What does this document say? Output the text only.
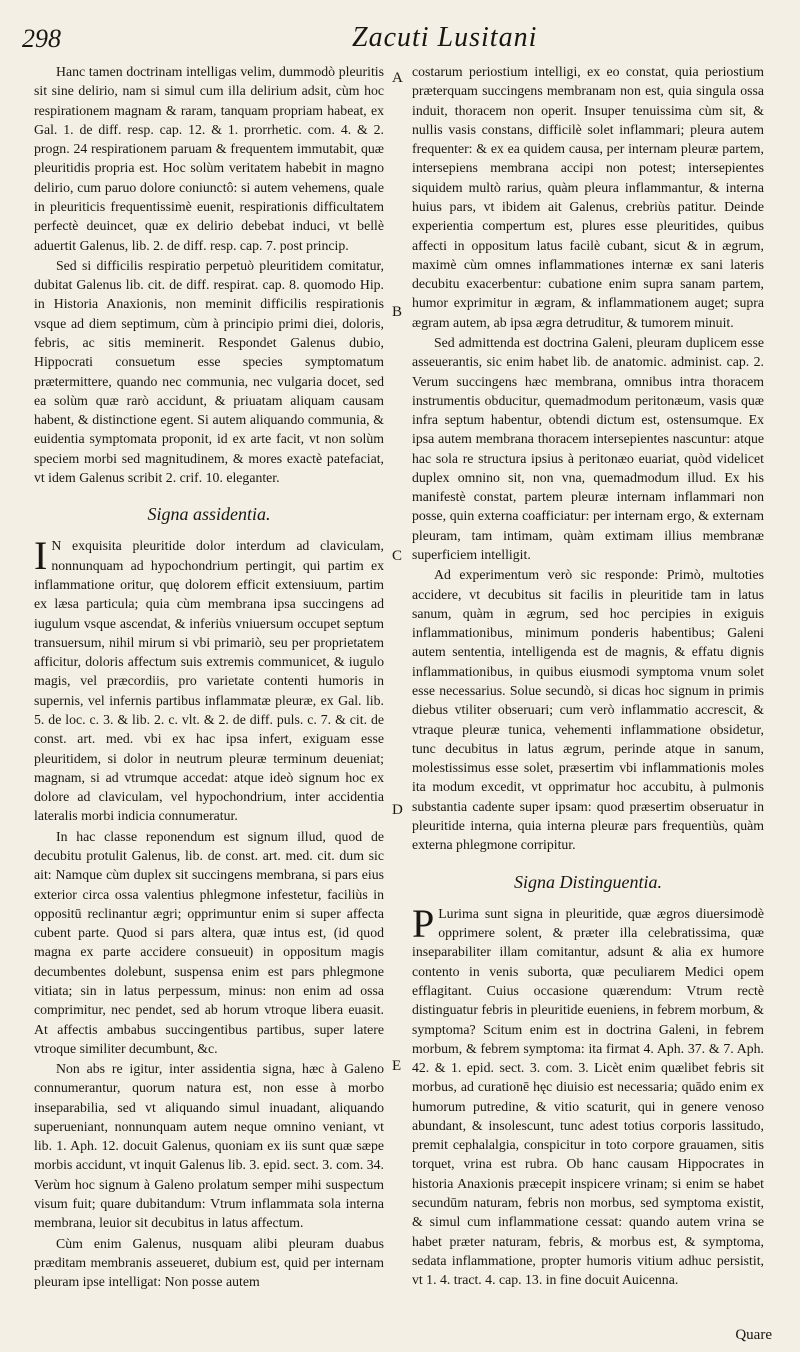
298	Zacuti Lusitani
A
B
C
D
E

Hanc tamen doctrinam intelligas velim, dummodò pleuritis sit sine delirio, nam si simul cum illa delirium adsit, cùm hoc respirationem magnam & raram, tanquam propriam habeat, ex Gal. 1. de diff. resp. cap. 12. & 1. prorrhetic. com. 4. & 2. progn. 24 respirationem paruam & frequentem immutabit, quæ pleuritidis propria est. Hoc solùm veritatem habebit in magno delirio, cum paruo dolore coniunctô: si autem vehemens, quale in pleuriticis frequentissimè euenit, respirationis difficultatem perfectè deuincet, quæ ex delirio debebat induci, vt bellè aduertit Galenus, lib. 2. de diff. resp. cap. 7. post princip.

Sed si difficilis respiratio perpetuò pleuritidem comitatur, dubitat Galenus lib. cit. de diff. respirat. cap. 8. quomodo Hip. in Historia Anaxionis, non meminit difficilis respirationis vsque ad diem septimum, cùm à principio primi diei, doloris, febris, ac sitis meminerit. Respondet Galenus dubio, Hippocrati consuetum esse species symptomatum prætermittere, quando nec communia, nec vulgaria docet, sed ea solùm quæ rarò accidunt, & priuatam aliquam causam habent, & distinctione egent. Si autem aliquando communia, & euidentia symptomata proponit, id ex arte facit, vt non solùm speciem morbi sed magnitudinem, & mores exactè patefaciat, vt idem Galenus scribit 2. crif. 10. eleganter.

Signa assidentia.

I N exquisita pleuritide dolor interdum ad claviculam, nonnunquam ad hypochondrium pertingit, qui partim ex inflammatione oritur, quę dolorem efficit extensiuum, partim ex læsa particula; quia cùm membrana ipsa succingens ad iugulum vsque ascendat, & inferiùs vniuersum occupet septum transuersum, nihil mirum si vbi primariò, seu per proprietatem afficitur, doloris affectum suis extremis communicet, & iugulo magis, vel præcordiis, pro varietate contenti humoris in supernis, vel infernis partibus inflammatæ pleuræ, ex Gal. lib. 5. de loc. c. 3. & lib. 2. c. vlt. & 2. de diff. puls. c. 7. & cit. de const. art. med. vbi ex hac ipsa infert, exiguam esse pleuritidem, si dolor in neutrum pleuræ terminum deueniat; magnam, si ad vtrumque accedat: atque ideò signum hoc ex dolore ad claviculam, vel hypochondrium, inter accidentia lateralis morbi indicia connumeratur.

In hac classe reponendum est signum illud, quod de decubitu protulit Galenus, lib. de const. art. med. cit. dum sic ait: Namque cùm duplex sit succingens membrana, si pars eius exterior circa ossa valentius phlegmone infestetur, faciliùs in oppositū reclinantur ægri; opprimuntur enim si super affecta cubent parte. Quod si pars altera, quæ intus est, (id quod magna ex parte accidere consueuit) in oppositum magis decumbentes dolebunt, suspensa enim est pars phlegmone vitiata; sin in latus perpessum, minus: non enim ad ossa comprimitur, nec pendet, sed ab horum vtroque libera euasit. At affectis ambabus succingentibus partibus, super latere vtroque similiter decumbunt, &c.

Non abs re igitur, inter assidentia signa, hæc à Galeno connumerantur, quorum natura est, non esse à morbo inseparabilia, sed vt aliquando simul inuadant, aliquando superueniant, nonnunquam autem neque omnino veniant, vt lib. 1. Aph. 12. docuit Galenus, quoniam ex iis sunt quæ sæpe morbis accidunt, vt inquit Galenus lib. 3. epid. sect. 3. com. 34. Verùm hoc signum à Galeno prolatum semper mihi suspectum visum fuit; quare dubitandum: Vtrum inflammata sola interna membrana, leuior sit decubitus in latus affectum.

Cùm enim Galenus, nusquam alibi pleuram duabus præditam membranis asseueret, dubium est, quid per internam pleuram ipse intelligat: Non posse autem

costarum periostium intelligi, ex eo constat, quia periostium præterquam succingens membranam non est, quia singula ossa induit, thoracem non operit. Insuper tenuissima cùm sit, & nullis vasis constans, difficilè solet inflammari; pleura autem frequenter: & ex ea quidem causa, per internam pleuræ partem, intersepiens membrana accipi non potest; intersepientes siquidem multò rarius, quàm pleura inflammantur, & interna huius pars, vt ibidem ait Galenus, crebriùs patitur. Deinde experientia compertum est, plures esse pleuritides, quibus affecti in oppositum latus facilè cubant, sicut & in ægrum, maximè cùm omnes inflammationes internæ ex sani lateris decubitu exacerbentur: cubatione enim supra sanam partem, humor exprimitur in ægram, & inflammationem auget; supra ægram autem, ab ipsa ægra detruditur, & tumorem minuit.

Sed admittenda est doctrina Galeni, pleuram duplicem esse asseuerantis, sic enim habet lib. de anatomic. administ. cap. 2. Verum succingens hæc membrana, omnibus intra thoracem instrumentis obducitur, quemadmodum peritonæum, vasis quæ infra septum habentur, obtendi dictum est, ostensumque. Ex ipsa autem membrana thoracem intersepientes nascuntur: atque hac sola re structura ipsius à peritonæo euariat, quòd videlicet duplex omnino sit, non vna, quemadmodum illud. Ex his manifestè constat, partem pleuræ internam inflammari non posse, quin externa coafficiatur: per internam ergo, & externam pleuram, tam intimam, quàm extimam illius membranæ superficiem intelligit.

Ad experimentum verò sic responde: Primò, multoties accidere, vt decubitus sit facilis in pleuritide tam in latus sanum, quàm in ægrum, sed hoc percipies in exiguis inflammationibus, minimum ponderis habentibus; Galeni autem sententia, intelligenda est de magnis, & effatu dignis inflammationibus, in quibus eiusmodi symptoma vnum solet esse necessarius. Solue secundò, si dicas hoc signum in primis diebus vtiliter obseruari; cum verò inflammatio accrescit, & vtraque pleuræ tunica, vehementi inflammatione obsidetur, tunc decubitus in latus ægrum, perinde atque in sanum, molestissimus esse solet, præsertim vbi inflammationis moles ita modum excedit, vt opprimatur hoc accubitu, à pulmonis substantia cadente super ipsam: quod præsertim obseruatur in pleuritide interna, quia interna pleuræ pars frequentiùs, quàm externa phlegmone corripitur.

Signa Distinguentia.

P Lurima sunt signa in pleuritide, quæ ægros diuersimodè opprimere solent, & præter illa celebratissima, quæ inseparabiliter illam comitantur, adsunt & alia ex humore contento in venis suborta, quæ peculiarem Medici opem efflagitant. Cuius occasione quærendum: Vtrum rectè distinguatur febris in pleuritide eueniens, in febrem morbum, & symptoma? Scitum enim est in doctrina Galeni, in febrem morbum, & febrem symptoma: ita firmat 4. Aph. 37. & 7. Aph. 42. & 1. epid. sect. 3. com. 3. Licèt enim quælibet febris sit morbus, ad curationē hęc diuisio est necessaria; quādo enim ex humorum putredine, & vitio scaturit, qui in genere venoso abundant, & insolescunt, tunc adest totius corporis lassitudo, premit cephalalgia, conspicitur in toto corpore grauamen, sitis torquet, vrina est rubra. Ob hanc causam Hippocrates in historia Anaxionis præcepit inspicere vrinam; si enim se habet secundūm naturam, febris non morbus, sed symptoma existit, & simul cum inflammatione cessat: quando autem vrina se habet præter naturam, febris, & morbus est, & symptoma, sedata inflammatione, propter humoris vitium adhuc persistit, vt 1. 4. tract. 4. cap. 13. in fine docuit Auicenna.

Quare
